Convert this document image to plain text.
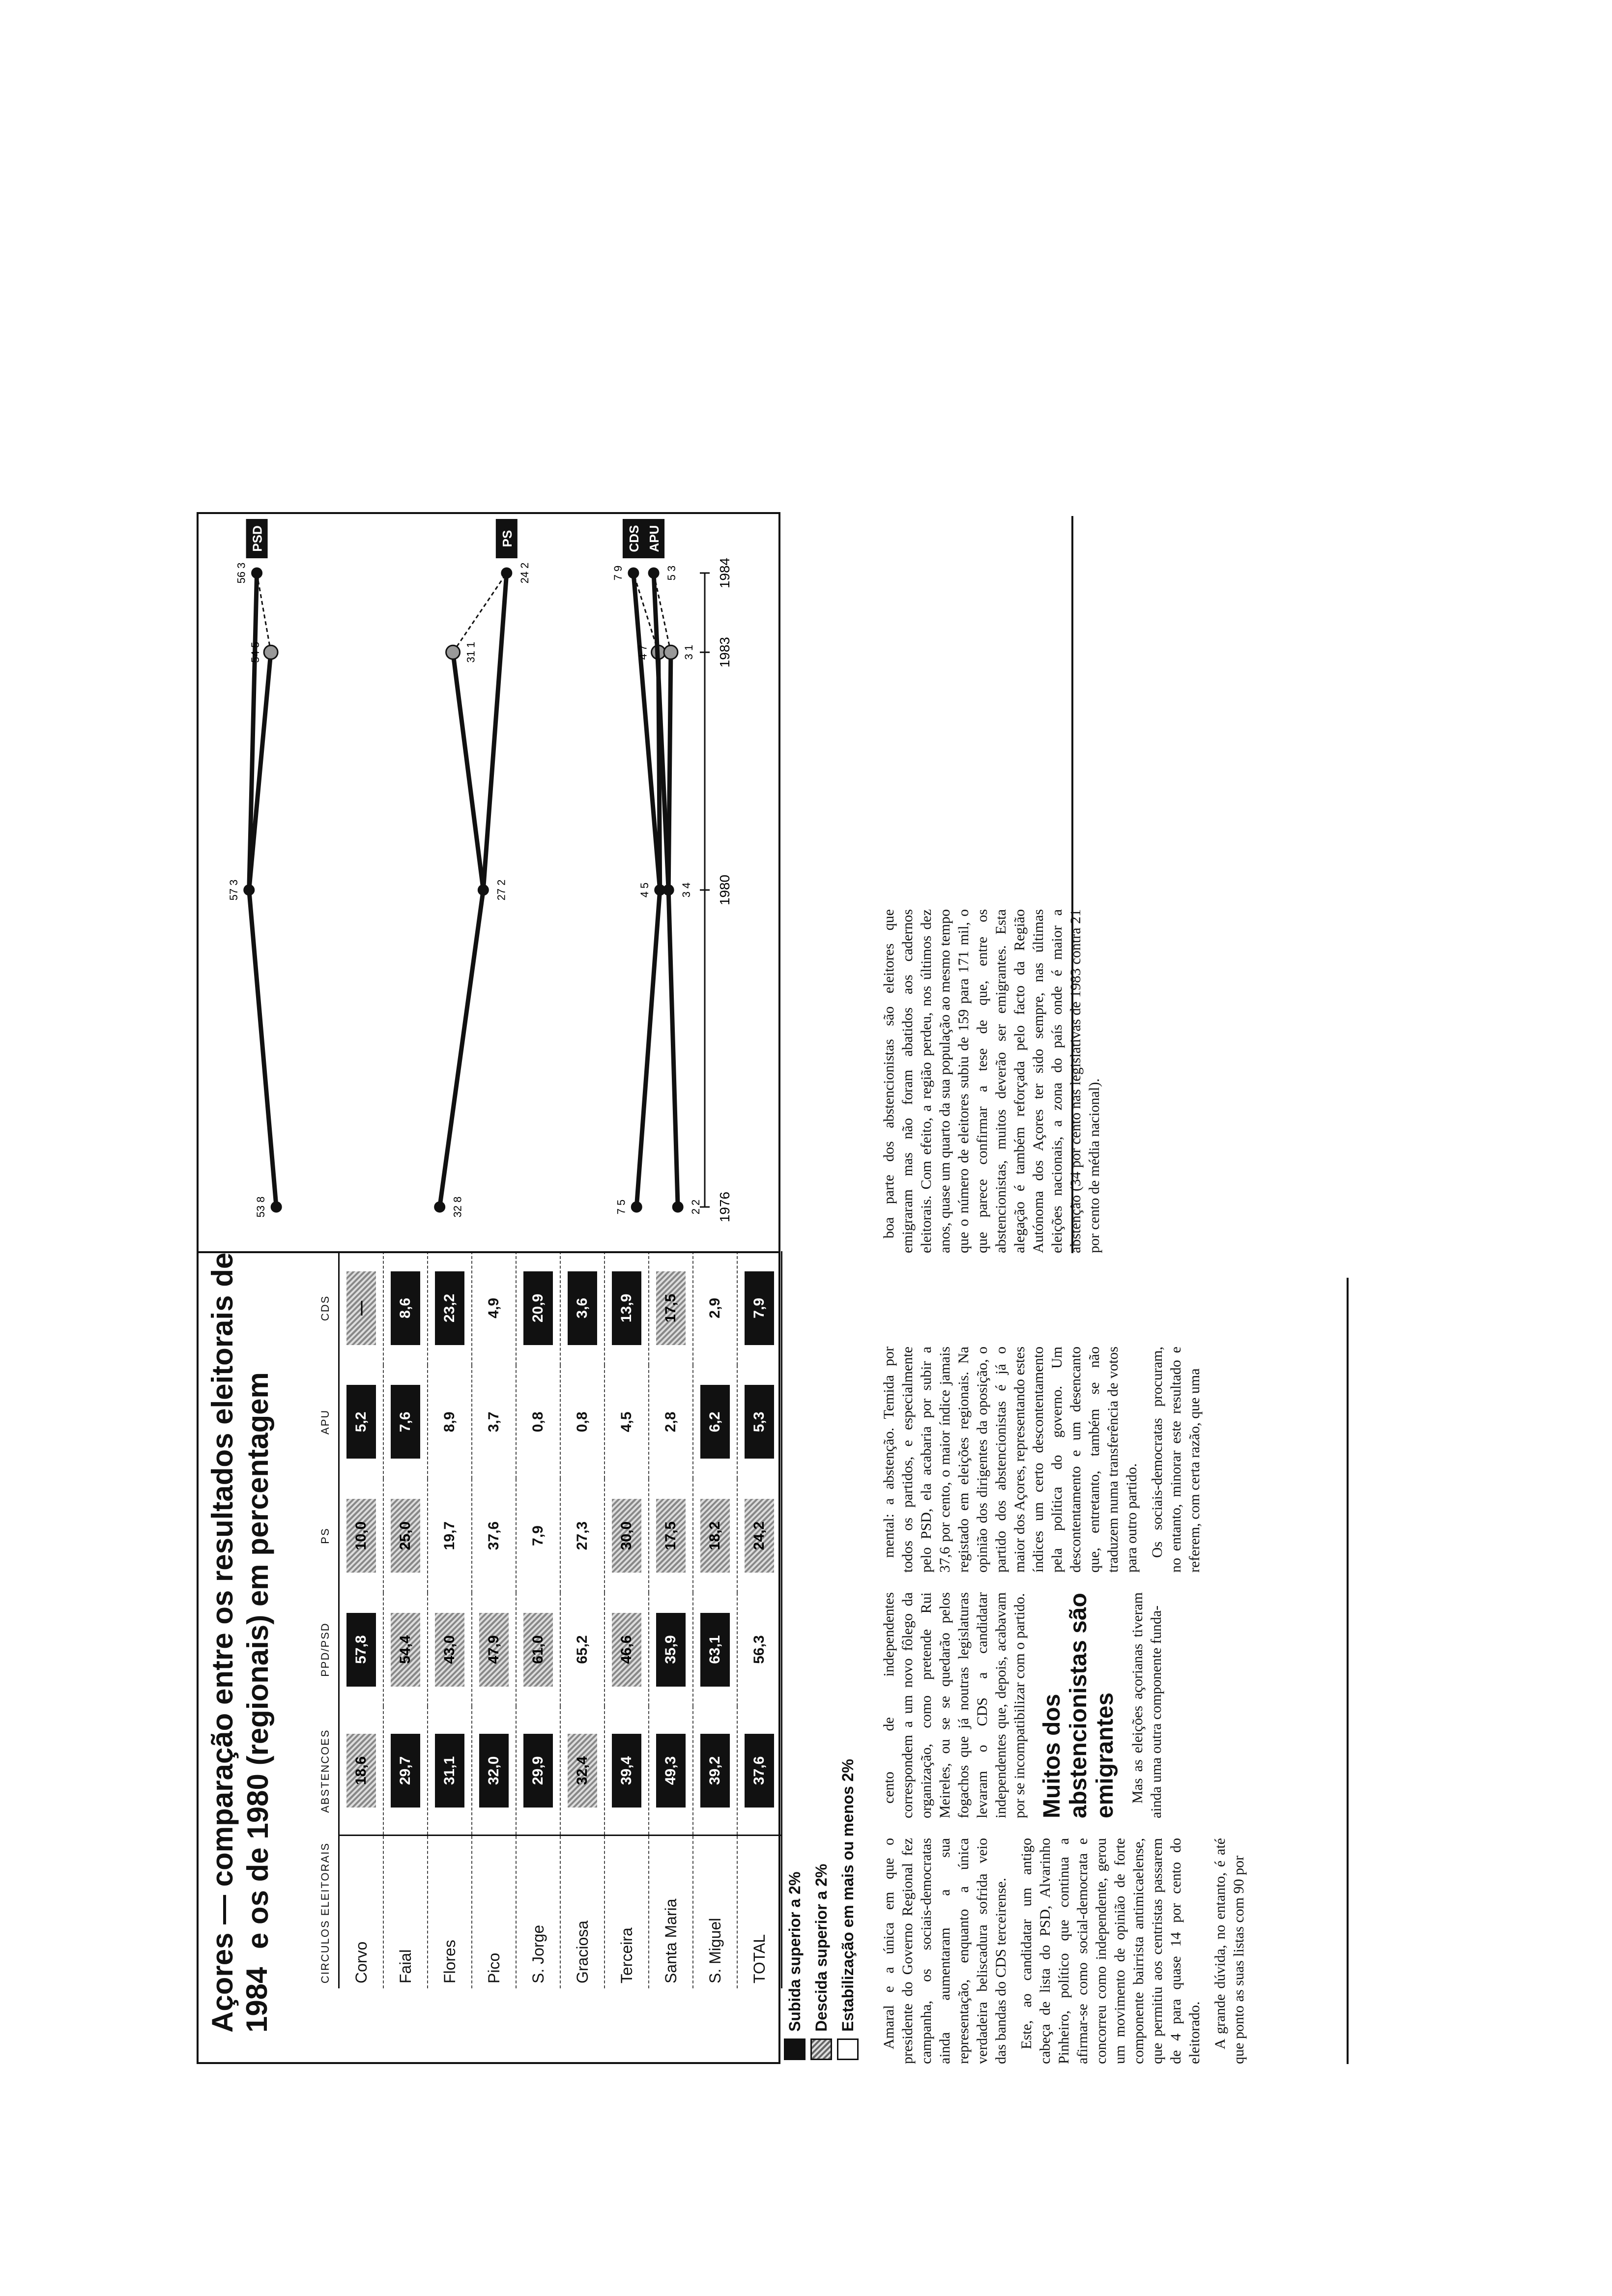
Açores — comparação entre os resultados eleitorais de 1984
e os de 1980 (regionais) em percentagem	CIRCULOS ELEITORAIS	ABSTENCOES	PPD/PSD	PS	APU	CDS
Corvo	18,6	57,8	10,0	5,2	—
Faial	29,7	54,4	25,0	7,6	8,6
Flores	31,1	43,0	19,7	8,9	23,2
Pico	32,0	47,9	37,6	3,7	4,9
S. Jorge	29,9	61,0	7,9	0,8	20,9
Graciosa	32,4	65,2	27,3	0,8	3,6
Terceira	39,4	46,6	30,0	4,5	13,9
Santa Maria	49,3	35,9	17,5	2,8	17,5
S. Miguel	39,2	63,1	18,2	6,2	2,9
TOTAL	37,6	56,3	24,2	5,3	7,9
Subida superior a 2% Descida superior a 2% Estabilização em mais ou menos 2%
1976
1980
1983
1984
53 8
57 3
54 5
56 3
PSD
32 8
27 2
31 1
24 2
PS
7 5
4 5
4 7
7 9
CDS
2 2
3 4
3 1
5 3
APU

Amaral e a única em que o presidente do Governo Regional fez campanha, os sociais-democratas ainda aumentaram a sua representação, enquanto a única verdadeira beliscadura sofrida veio das bandas do CDS terceirense. Este, ao candidatar um antigo cabeça de lista do PSD, Alvarinho Pinheiro, político que continua a afirmar-se como social-democrata e concorreu como independente, gerou um movimento de opinião de forte componente bairrista antimicaelense, que permitiu aos centristas passarem de 4 para quase 14 por cento do eleitorado. A grande dúvida, no entanto, é até que ponto as suas listas com 90 por

cento de independentes correspondem a um novo fôlego da organização, como pretende Rui Meireles, ou se se quedarão pelos fogachos que já noutras legislaturas levaram o CDS a candidatar independentes que, depois, acabavam por se incompatibilizar com o partido. Muitos dos abstencionistas são emigrantes Mas as eleições açorianas tiveram ainda uma outra componente funda-

mental: a abstenção. Temida por todos os partidos, e especialmente pelo PSD, ela acabaria por subir a 37,6 por cento, o maior índice jamais registado em eleições regionais. Na opinião dos dirigentes da oposição, o partido dos abstencionistas é já o maior dos Açores, representando estes índices um certo descontentamento pela política do governo. Um descontentamento e um desencanto que, entretanto, também se não traduzem numa transferência de votos para outro partido. Os sociais-democratas procuram, no entanto, minorar este resultado e referem, com certa razão, que uma

boa parte dos abstencionistas são eleitores que emigraram mas não foram abatidos aos cadernos eleitorais. Com efeito, a região perdeu, nos últimos dez anos, quase um quarto da sua população ao mesmo tempo que o número de eleitores subiu de 159 para 171 mil, o que parece confirmar a tese de que, entre os abstencionistas, muitos deverão ser emigrantes. Esta alegação é também reforçada pelo facto da Região Autónoma dos Açores ter sido sempre, nas últimas eleições nacionais, a zona do país onde é maior a abstenção (34 por cento nas legislativas de 1983 contra 21 por cento de média nacional).
